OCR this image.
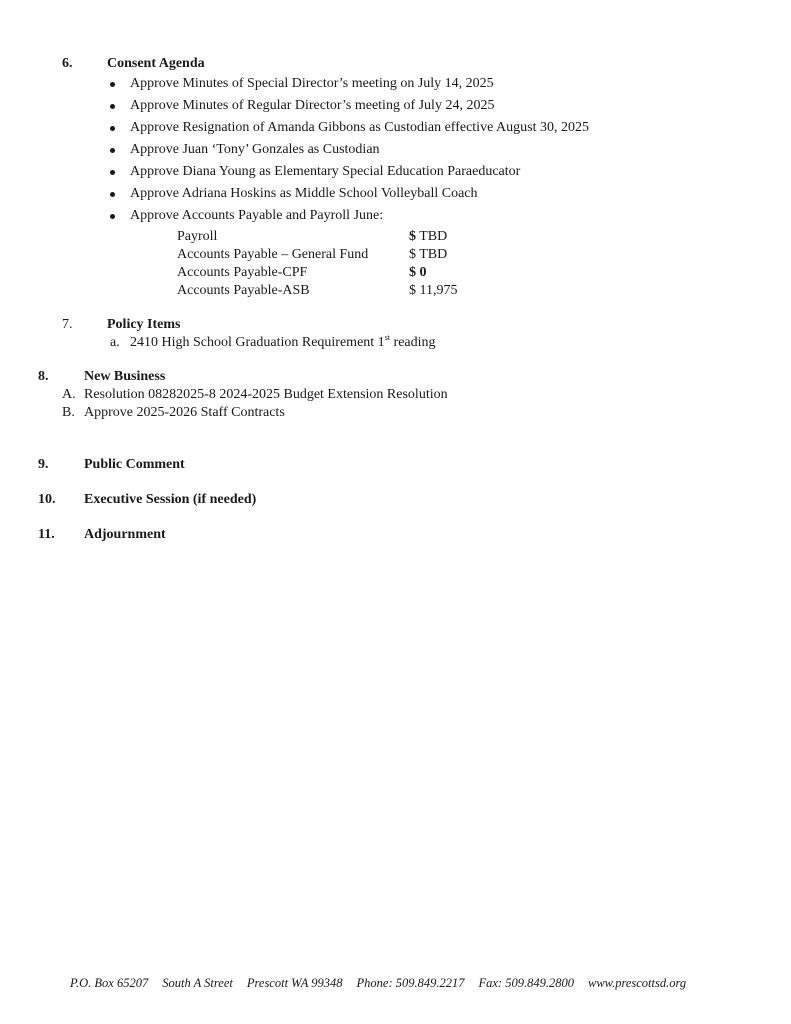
6. Consent Agenda
Approve Minutes of Special Director’s meeting on July 14, 2025
Approve Minutes of Regular Director’s meeting of July 24, 2025
Approve Resignation of Amanda Gibbons as Custodian effective August 30, 2025
Approve Juan ‘Tony’ Gonzales as Custodian
Approve Diana Young as Elementary Special Education Paraeducator
Approve Adriana Hoskins as Middle School Volleyball Coach
Approve Accounts Payable and Payroll June:
Payroll	$ TBD
Accounts Payable – General Fund	$ TBD
Accounts Payable-CPF	$ 0
Accounts Payable-ASB	$ 11,975
7. Policy Items
a. 2410 High School Graduation Requirement 1st reading
8.	New Business
A. Resolution 08282025-8 2024-2025 Budget Extension Resolution
B. Approve 2025-2026 Staff Contracts
9.	Public Comment
10. Executive Session (if needed)
11. Adjournment
P.O. Box 65207 South A Street Prescott WA 99348 Phone: 509.849.2217 Fax: 509.849.2800 www.prescottsd.org
